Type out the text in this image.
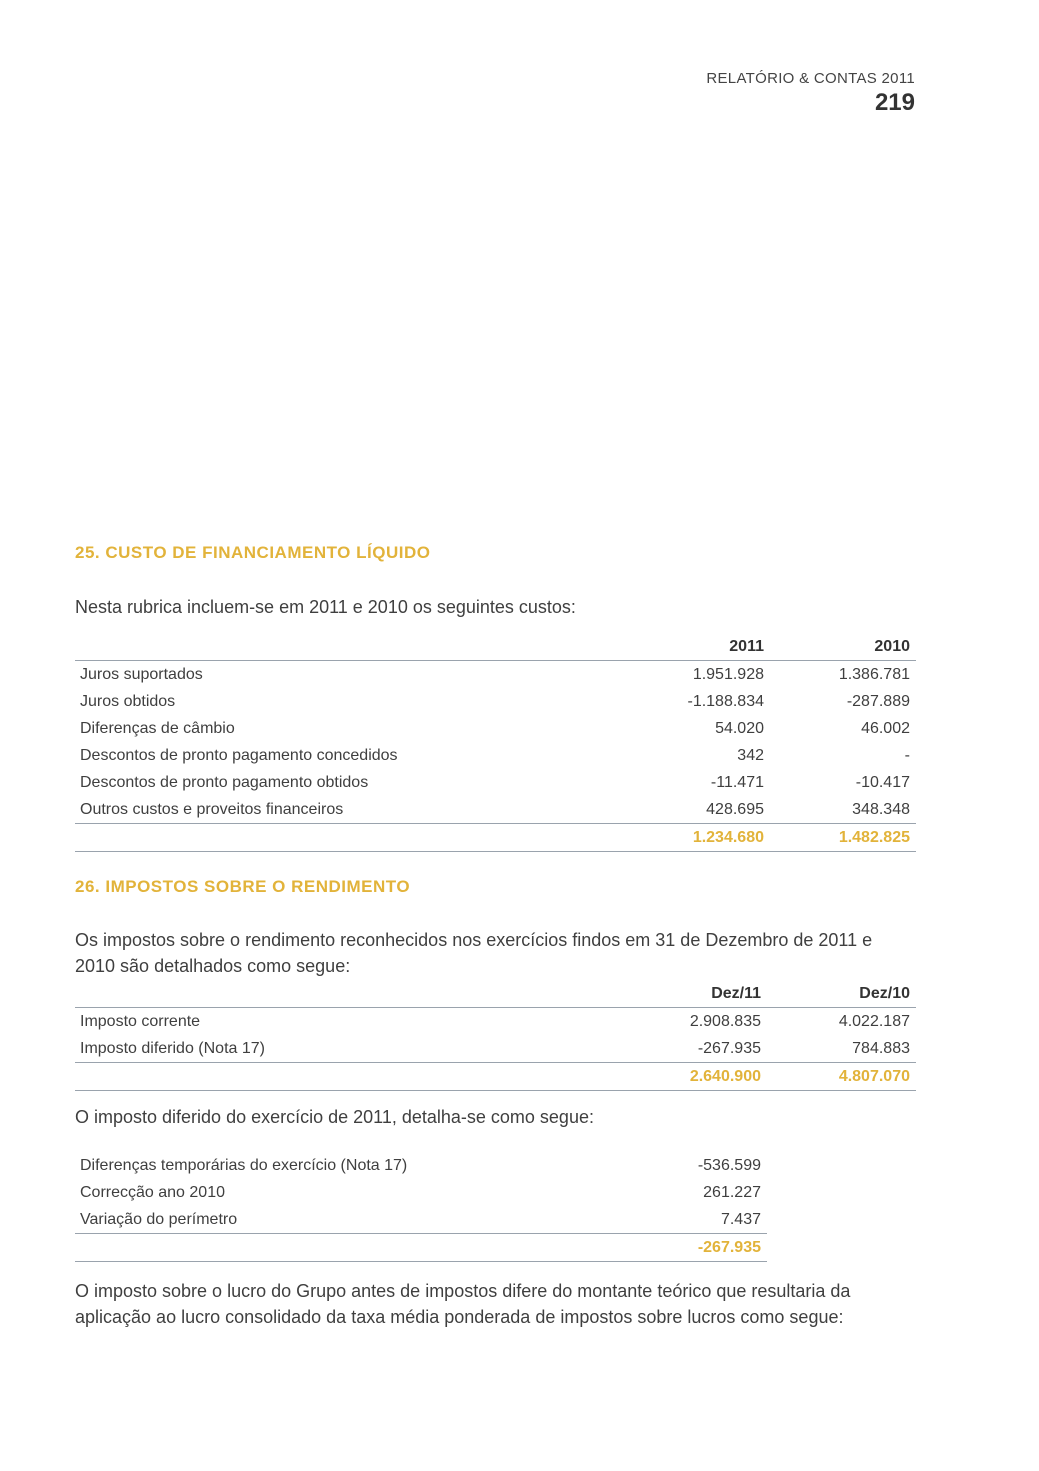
RELATÓRIO & CONTAS 2011
219
25. CUSTO DE FINANCIAMENTO LÍQUIDO
Nesta rubrica incluem-se em 2011 e 2010 os seguintes custos:
	2011	2010
Juros suportados	1.951.928	1.386.781
Juros obtidos	-1.188.834	-287.889
Diferenças de câmbio	54.020	46.002
Descontos de pronto pagamento concedidos	342	-
Descontos de pronto pagamento obtidos	-11.471	-10.417
Outros custos e proveitos financeiros	428.695	348.348
	1.234.680	1.482.825
26. IMPOSTOS SOBRE O RENDIMENTO
Os impostos sobre o rendimento reconhecidos nos exercícios findos em 31 de Dezembro de 2011 e 2010 são detalhados como segue:
	Dez/11	Dez/10
Imposto corrente	2.908.835	4.022.187
Imposto diferido (Nota 17)	-267.935	784.883
	2.640.900	4.807.070
O imposto diferido do exercício de 2011, detalha-se como segue:
Diferenças temporárias do exercício (Nota 17)	-536.599
Correcção ano 2010	261.227
Variação do perímetro	7.437
	-267.935
O imposto sobre o lucro do Grupo antes de impostos difere do montante teórico que resultaria da aplicação ao lucro consolidado da taxa média ponderada de impostos sobre lucros como segue:
